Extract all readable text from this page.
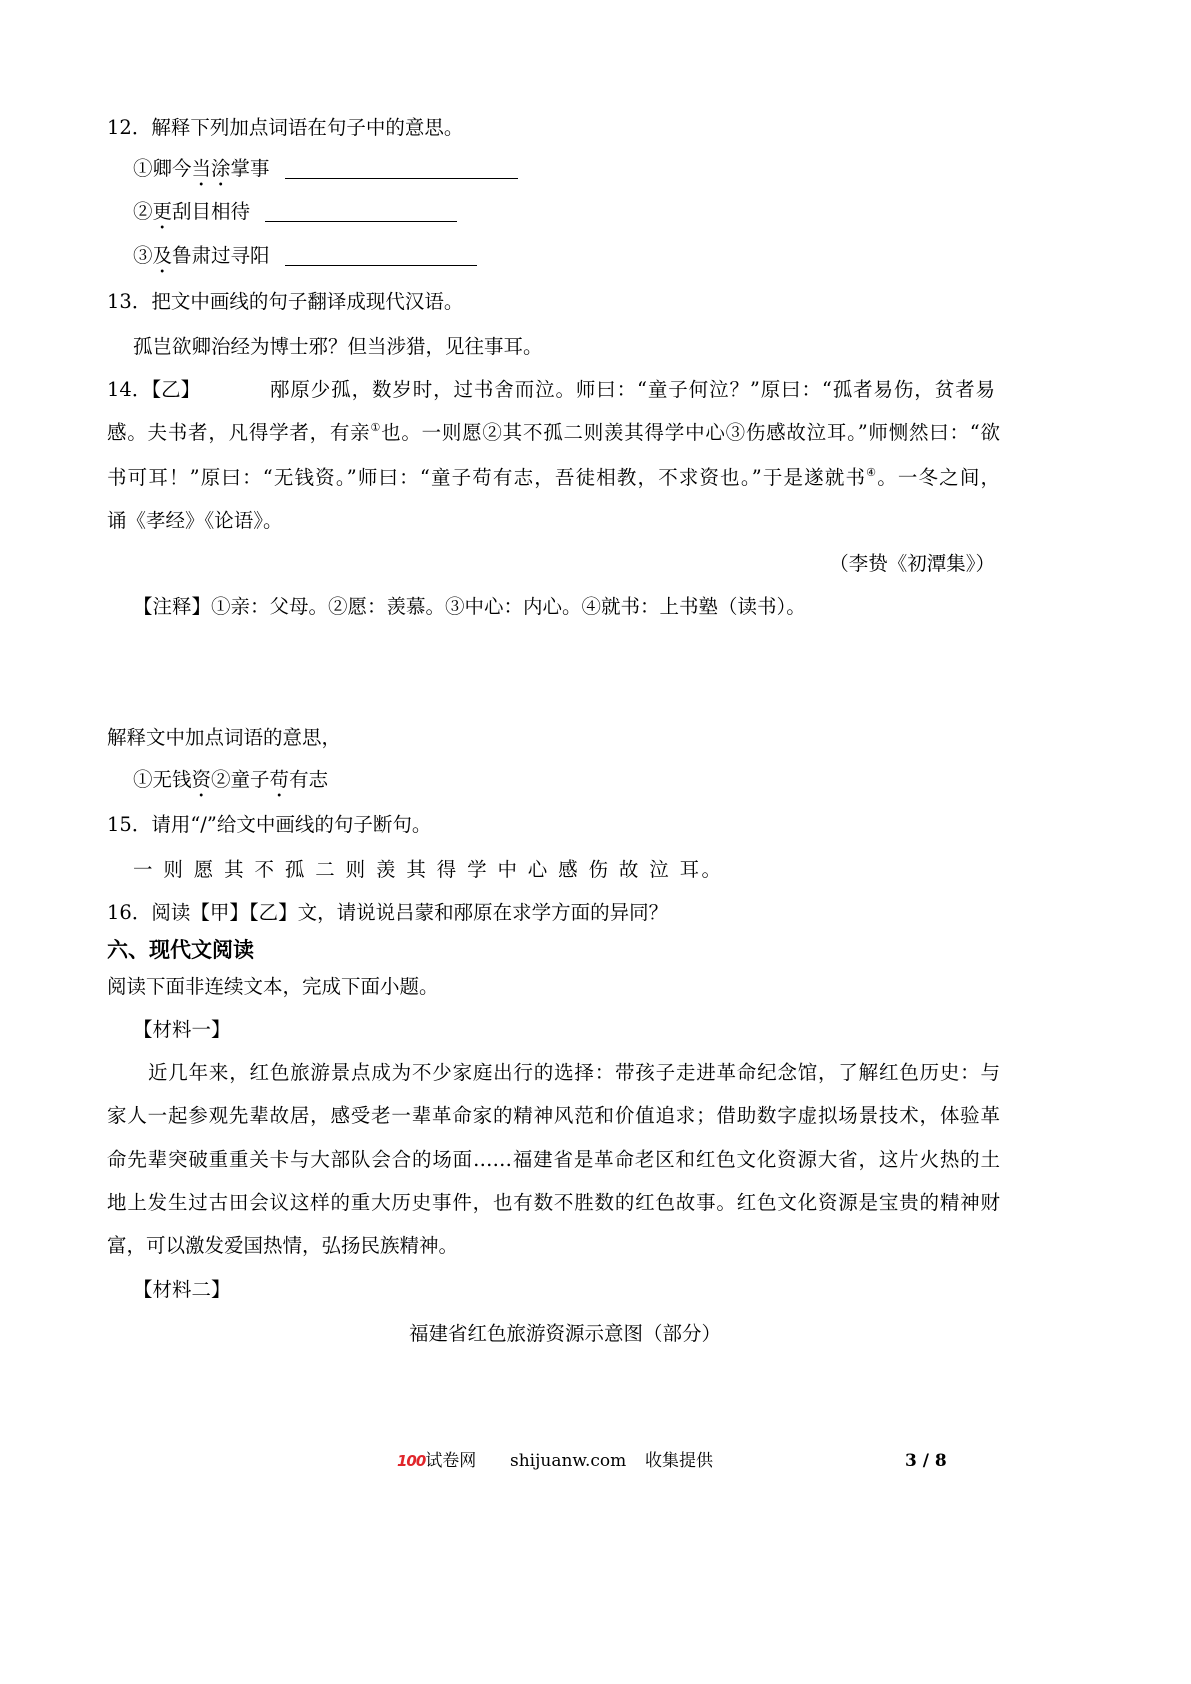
12．解释下列加点词语在句子中的意思。
①卿今当涂掌事
②更刮目相待
③及鲁肃过寻阳
13．把文中画线的句子翻译成现代汉语。
孤岂欲卿治经为博士邪？但当涉猎，见往事耳。
14．【乙】	邴原少孤，数岁时，过书舍而泣。师曰：“童子何泣？”原曰：“孤者易伤，贫者易
感。夫书者，凡得学者，有亲①也。一则愿②其不孤二则羡其得学中心③伤感故泣耳。”师恻然曰：“欲
书可耳！”原曰：“无钱资。”师曰：“童子苟有志，吾徒相教，不求资也。”于是遂就书④。一冬之间，
诵《孝经》《论语》。
（李贽《初潭集》）
【注释】①亲：父母。②愿：羡慕。③中心：内心。④就书：上书塾（读书）。
解释文中加点词语的意思，
①无钱资②童子苟有志
15．请用“/”给文中画线的句子断句。
一 则 愿 其 不 孤 二 则 羡 其 得 学 中 心 感 伤 故 泣 耳。
16．阅读【甲】【乙】文，请说说吕蒙和邴原在求学方面的异同？
六、现代文阅读
阅读下面非连续文本，完成下面小题。
【材料一】
近几年来，红色旅游景点成为不少家庭出行的选择：带孩子走进革命纪念馆，了解红色历史：与
家人一起参观先辈故居，感受老一辈革命家的精神风范和价值追求；借助数字虚拟场景技术，体验革
命先辈突破重重关卡与大部队会合的场面……福建省是革命老区和红色文化资源大省，这片火热的土
地上发生过古田会议这样的重大历史事件，也有数不胜数的红色故事。红色文化资源是宝贵的精神财
富，可以激发爱国热情，弘扬民族精神。
【材料二】
福建省红色旅游资源示意图（部分）
100试卷网 shijuanw.com 收集提供	3 / 8
